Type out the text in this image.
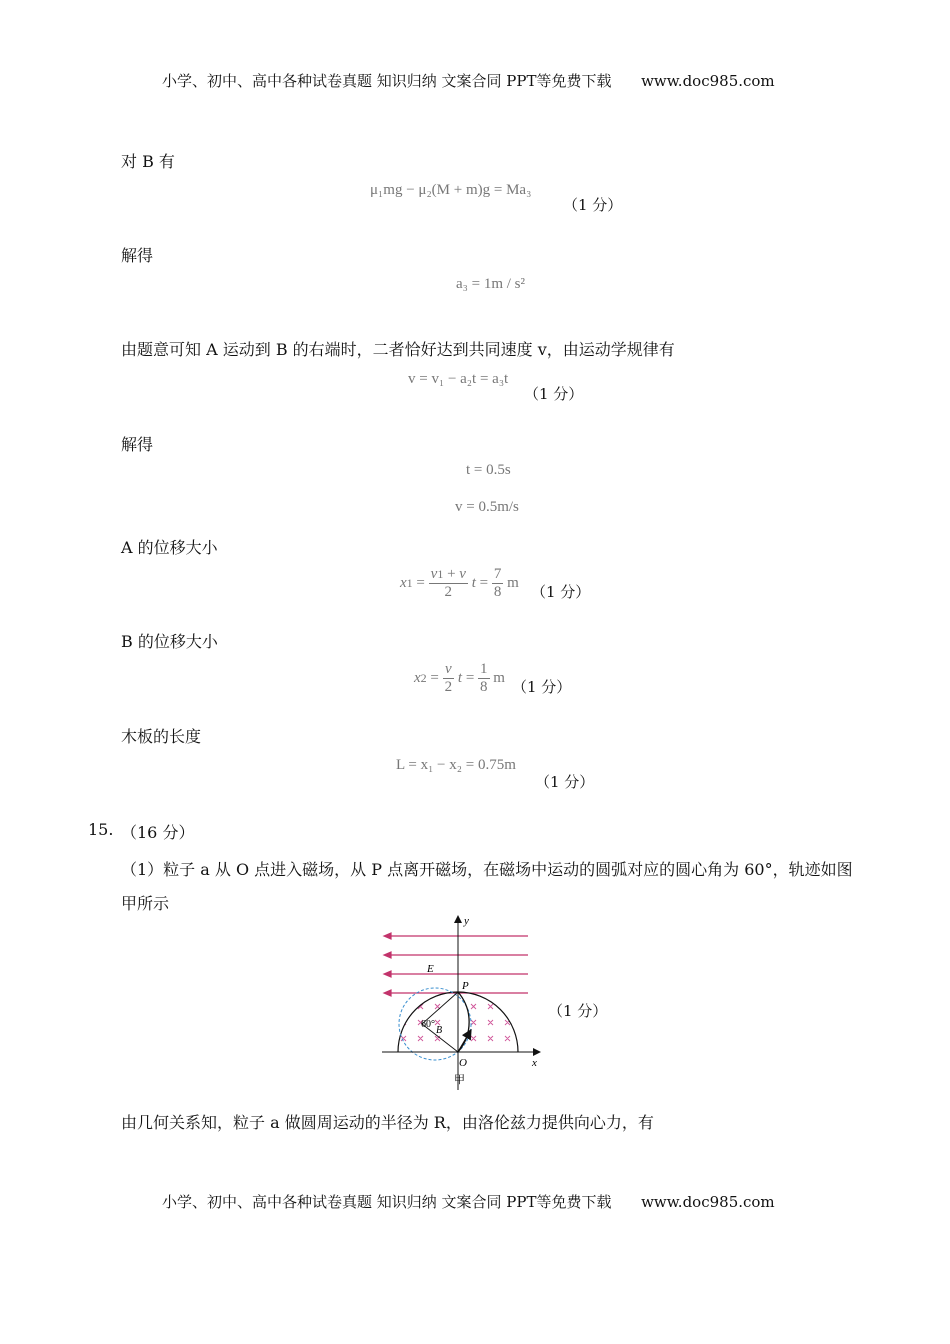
小学、初中、高中各种试卷真题 知识归纳 文案合同 PPT等免费下载 www.doc985.com
对 B 有
μ₁mg − μ₂(M + m)g = Ma₃
（1 分）
解得
a₃ = 1m / s²
由题意可知 A 运动到 B 的右端时，二者恰好达到共同速度 v，由运动学规律有
v = v₁ − a₂t = a₃t
（1 分）
解得
t = 0.5s
v = 0.5m/s
A 的位移大小
$x1 = \frac{v1 + v}{2}$ $t = \frac{7}{8}$ m （1 分）
B 的位移大小
$x2 = \frac{v}{2}$ $t = \frac{1}{8}$ m （1 分）
木板的长度
L = x₁ − x₂ = 0.75m
（1 分）
15. （16 分）
（1）粒子 a 从 O 点进入磁场，从 P 点离开磁场，在磁场中运动的圆弧对应的圆心角为 60°，轨迹如图
甲所示
y
x
O
P
E
B
60°
甲
（1 分）
由几何关系知，粒子 a 做圆周运动的半径为 R，由洛伦兹力提供向心力，有
小学、初中、高中各种试卷真题 知识归纳 文案合同 PPT等免费下载 www.doc985.com
